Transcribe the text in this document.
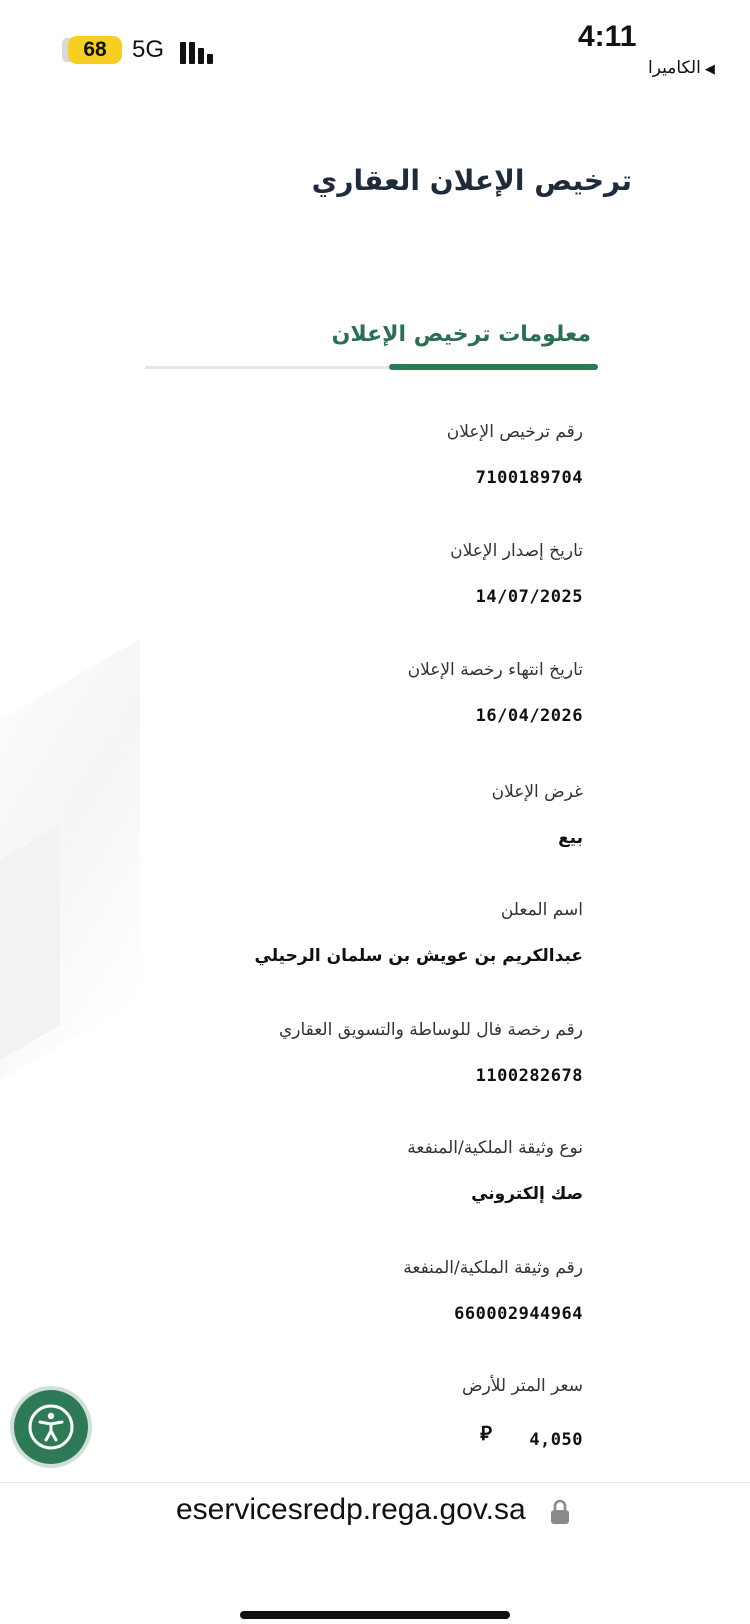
68	5G	4:11
◀الكاميرا
ترخيص الإعلان العقاري
معلومات ترخيص الإعلان
رقم ترخيص الإعلان
7100189704
تاريخ إصدار الإعلان
14/07/2025
تاريخ انتهاء رخصة الإعلان
16/04/2026
غرض الإعلان
بيع
اسم المعلن
عبدالكريم بن عويش بن سلمان الرحيلي
رقم رخصة فال للوساطة والتسويق العقاري
1100282678
نوع وثيقة الملكية/المنفعة
صك إلكتروني
رقم وثيقة الملكية/المنفعة
660002944964
سعر المتر للأرض
4,050
⃁
eservicesredp.rega.gov.sa
